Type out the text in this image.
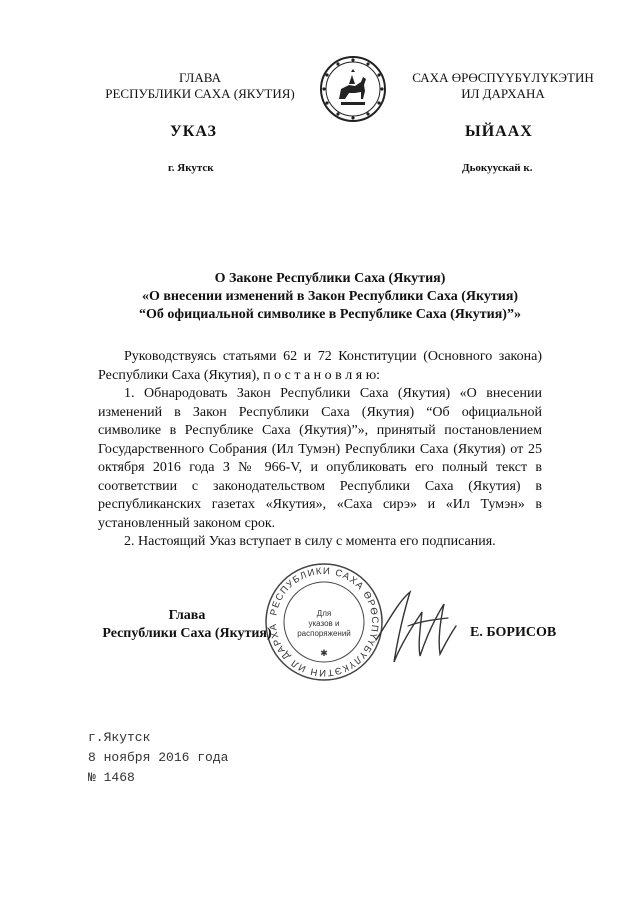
ГЛАВА
РЕСПУБЛИКИ САХА (ЯКУТИЯ)
САХА ӨРӨСПҮҮБҮЛҮКЭТИН
ИЛ ДАРХАНА
УКАЗ	ЫЙААХ
г. Якутск	Дьокуускай к.
О Законе Республики Саха (Якутия)
«О внесении изменений в Закон Республики Саха (Якутия)
“Об официальной символике в Республике Саха (Якутия)”»

Руководствуясь статьями 62 и 72 Конституции (Основного закона) Республики Саха (Якутия), п о с т а н о в л я ю:

1. Обнародовать Закон Республики Саха (Якутия) «О внесении изменений в Закон Республики Саха (Якутия) “Об официальной символике в Республике Саха (Якутия)”», принятый постановлением Государственного Собрания (Ил Тумэн) Республики Саха (Якутия) от 25 октября 2016 года З № 966-V, и опубликовать его полный текст в соответствии с законодательством Республики Саха (Якутия) в республиканских газетах «Якутия», «Саха сирэ» и «Ил Тумэн» в установленный законом срок.

2. Настоящий Указ вступает в силу с момента его подписания.

РЕСПУБЛИКИ САХА ӨРӨСПҮҮБҮЛҮКЭТИН ИЛ ДАРХА
Для
указов и
распоряжений
✱
Глава
Республики Саха (Якутия)	Е. БОРИСОВ
г.Якутск
8 ноября 2016 года
№ 1468
